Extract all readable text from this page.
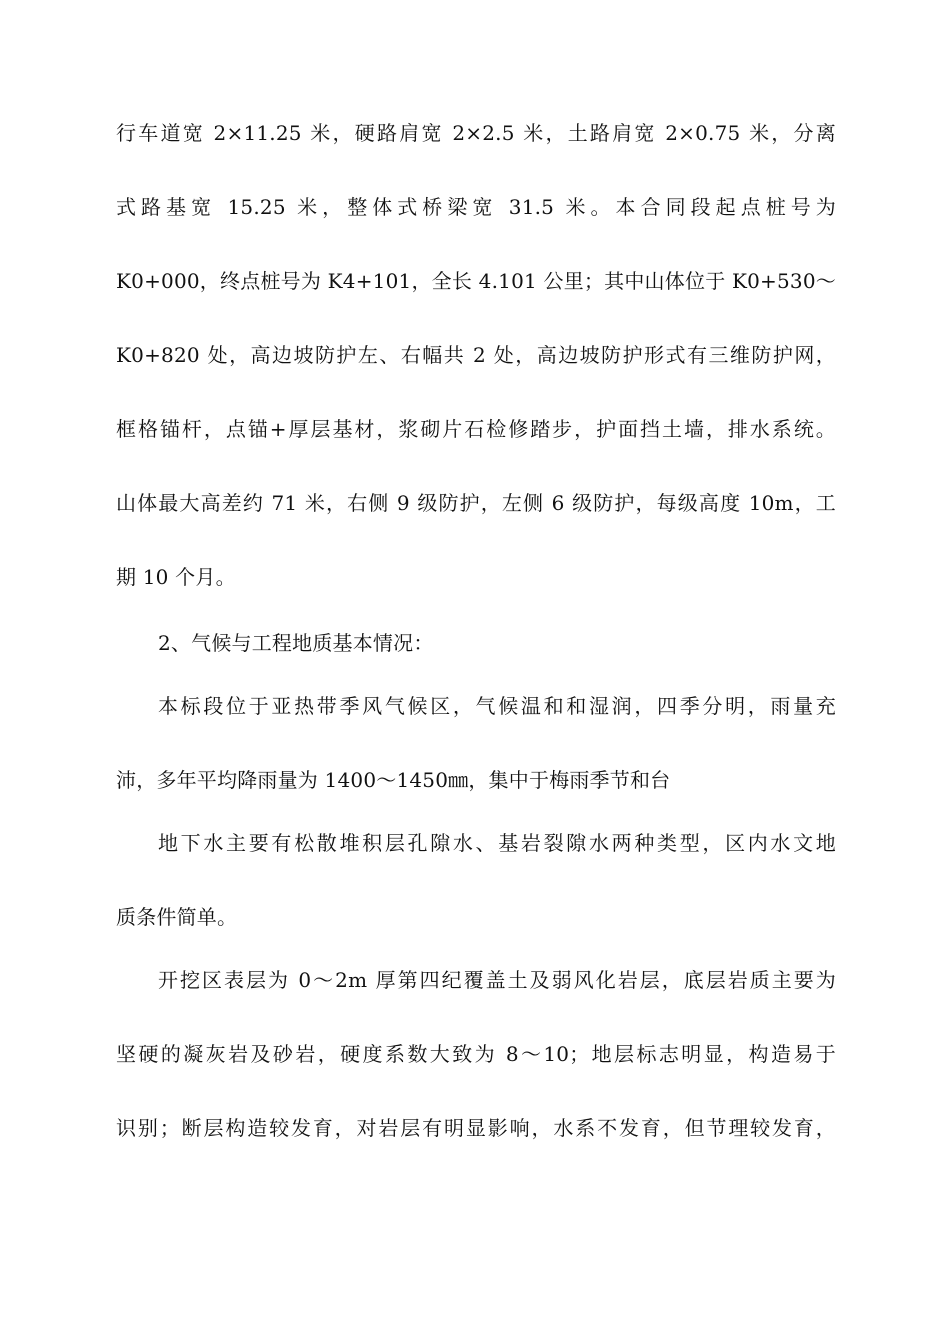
行车道宽 2×11.25 米，硬路肩宽 2×2.5 米，土路肩宽 2×0.75 米，分离
式路基宽 15.25 米，整体式桥梁宽 31.5 米。本合同段起点桩号为
K0+000，终点桩号为 K4+101，全长 4.101 公里；其中山体位于 K0+530～
K0+820 处，高边坡防护左、右幅共 2 处，高边坡防护形式有三维防护网，
框格锚杆，点锚+厚层基材，浆砌片石检修踏步，护面挡土墙，排水系统。
山体最大高差约 71 米，右侧 9 级防护，左侧 6 级防护，每级高度 10m，工
期 10 个月。
2、气候与工程地质基本情况：
本标段位于亚热带季风气候区，气候温和和湿润，四季分明，雨量充
沛，多年平均降雨量为 1400～1450㎜，集中于梅雨季节和台
地下水主要有松散堆积层孔隙水、基岩裂隙水两种类型，区内水文地
质条件简单。
开挖区表层为 0～2m 厚第四纪覆盖土及弱风化岩层，底层岩质主要为
坚硬的凝灰岩及砂岩，硬度系数大致为 8～10；地层标志明显，构造易于
识别；断层构造较发育，对岩层有明显影响，水系不发育，但节理较发育，
